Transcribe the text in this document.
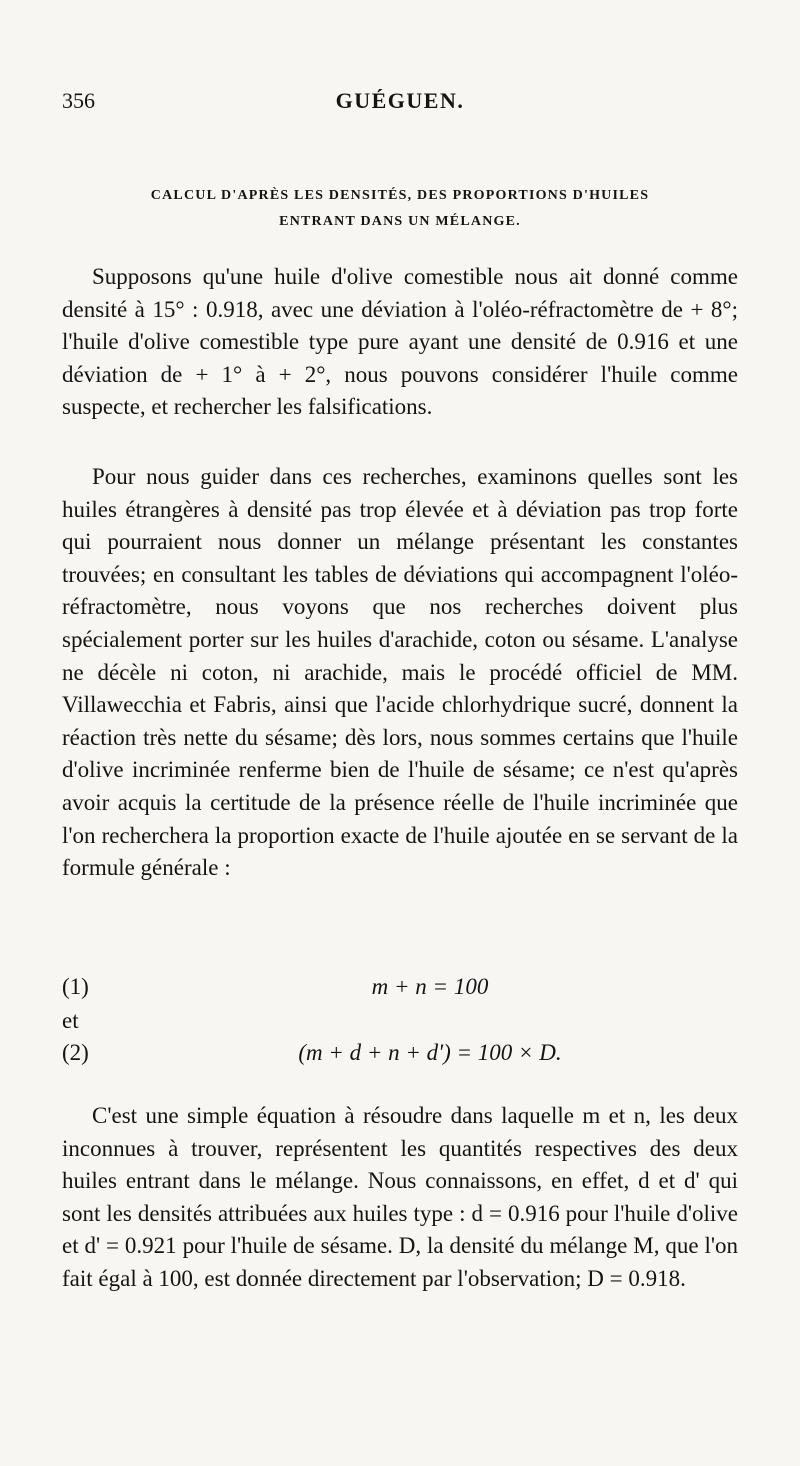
356	GUÉGUEN.
CALCUL D'APRÈS LES DENSITÉS, DES PROPORTIONS D'HUILES
ENTRANT DANS UN MÉLANGE.

Supposons qu'une huile d'olive comestible nous ait donné comme densité à 15° : 0.918, avec une déviation à l'oléo-réfractomètre de + 8°; l'huile d'olive comestible type pure ayant une densité de 0.916 et une déviation de + 1° à + 2°, nous pouvons considérer l'huile comme suspecte, et rechercher les falsifications.

Pour nous guider dans ces recherches, examinons quelles sont les huiles étrangères à densité pas trop élevée et à déviation pas trop forte qui pourraient nous donner un mélange présentant les constantes trouvées; en consultant les tables de déviations qui accompagnent l'oléo-réfractomètre, nous voyons que nos recherches doivent plus spécialement porter sur les huiles d'arachide, coton ou sésame. L'analyse ne décèle ni coton, ni arachide, mais le procédé officiel de MM. Villawecchia et Fabris, ainsi que l'acide chlorhydrique sucré, donnent la réaction très nette du sésame; dès lors, nous sommes certains que l'huile d'olive incriminée renferme bien de l'huile de sésame; ce n'est qu'après avoir acquis la certitude de la présence réelle de l'huile incriminée que l'on recherchera la proportion exacte de l'huile ajoutée en se servant de la formule générale :

(1)	m + n = 100
et
(2)	(m + d + n + d') = 100 × D.

C'est une simple équation à résoudre dans laquelle m et n, les deux inconnues à trouver, représentent les quantités respectives des deux huiles entrant dans le mélange. Nous connaissons, en effet, d et d' qui sont les densités attribuées aux huiles type : d = 0.916 pour l'huile d'olive et d' = 0.921 pour l'huile de sésame. D, la densité du mélange M, que l'on fait égal à 100, est donnée directement par l'observation; D = 0.918.
